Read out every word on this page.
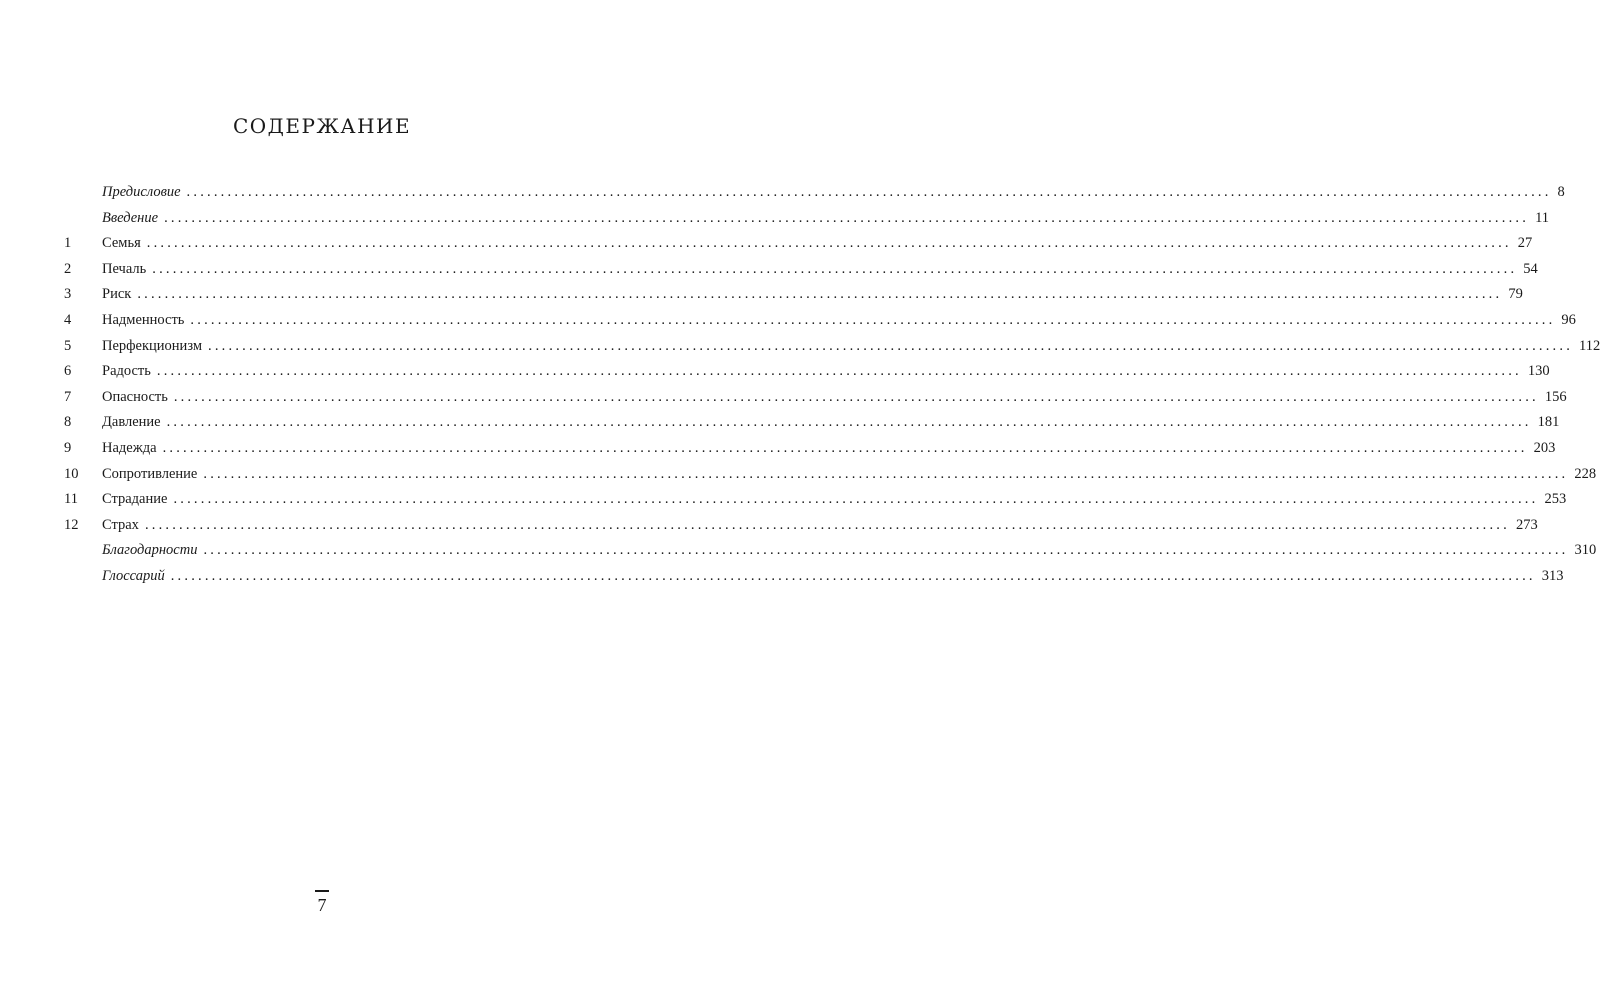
СОДЕРЖАНИЕ
Предисловие ........................................................................................................................................................................................................ 8
Введение ........................................................................................................................................................................................................ 11
1	Семья ........................................................................................................................................................................................................ 27
2	Печаль ........................................................................................................................................................................................................ 54
3	Риск ........................................................................................................................................................................................................ 79
4	Надменность ........................................................................................................................................................................................................ 96
5	Перфекционизм ........................................................................................................................................................................................................ 112
6	Радость ........................................................................................................................................................................................................ 130
7	Опасность ........................................................................................................................................................................................................ 156
8	Давление ........................................................................................................................................................................................................ 181
9	Надежда ........................................................................................................................................................................................................ 203
10	Сопротивление ........................................................................................................................................................................................................ 228
11	Страдание ........................................................................................................................................................................................................ 253
12	Страх ........................................................................................................................................................................................................ 273
Благодарности ........................................................................................................................................................................................................ 310
Глоссарий ........................................................................................................................................................................................................ 313
7
